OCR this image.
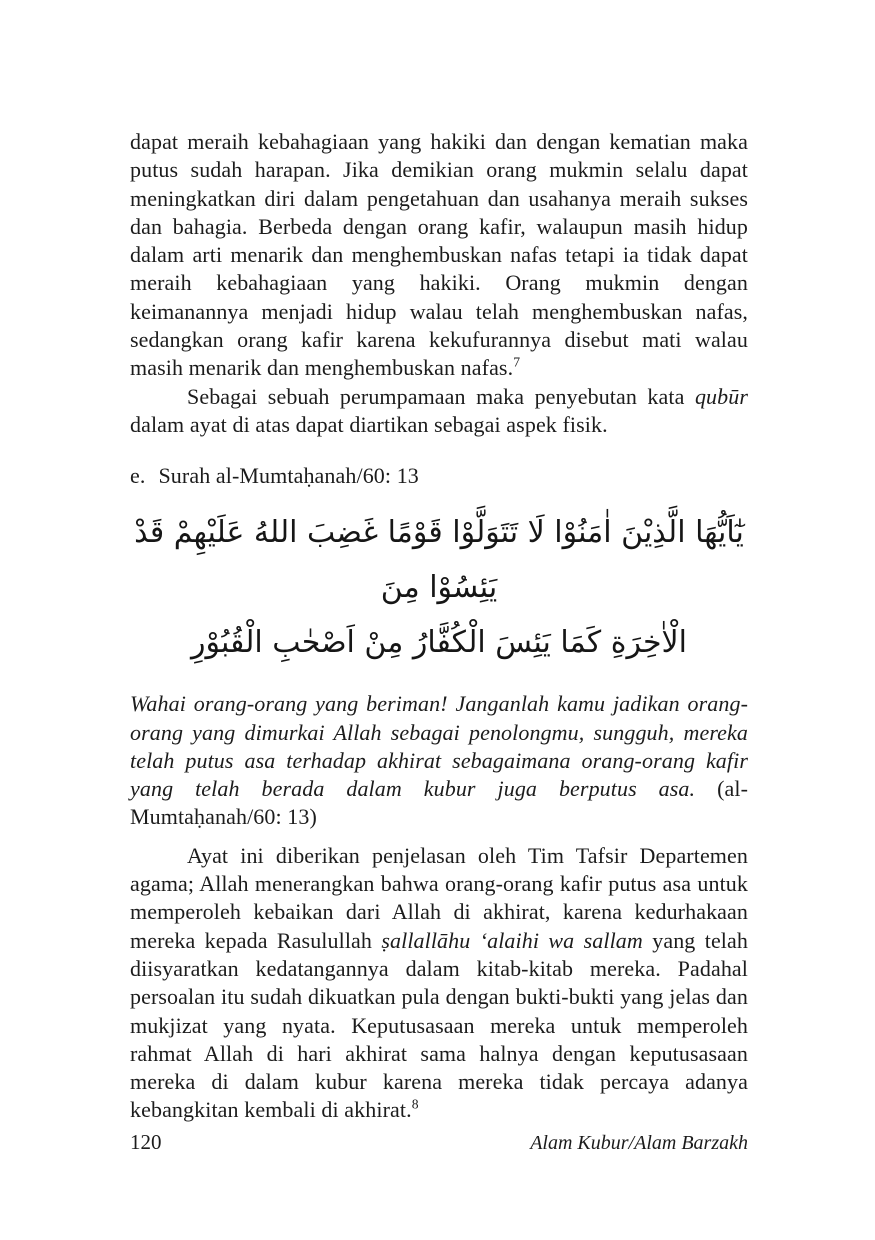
dapat meraih kebahagiaan yang hakiki dan dengan kematian maka putus sudah harapan. Jika demikian orang mukmin selalu dapat meningkatkan diri dalam pengetahuan dan usahanya meraih sukses dan bahagia. Berbeda dengan orang kafir, walaupun masih hidup dalam arti menarik dan menghembuskan nafas tetapi ia tidak dapat meraih kebahagiaan yang hakiki. Orang mukmin dengan keimanannya menjadi hidup walau telah menghembuskan nafas, sedangkan orang kafir karena kekufurannya disebut mati walau masih menarik dan menghembuskan nafas.$^7$

Sebagai sebuah perumpamaan maka penyebutan kata qubūr dalam ayat di atas dapat diartikan sebagai aspek fisik.

e. Surah al-Mumtaḥanah/60: 13
يٰٓاَيُّهَا الَّذِيْنَ اٰمَنُوْا لَا تَتَوَلَّوْا قَوْمًا غَضِبَ اللهُ عَلَيْهِمْ قَدْ يَئِسُوْا مِنَ
الْاٰخِرَةِ كَمَا يَئِسَ الْكُفَّارُ مِنْ اَصْحٰبِ الْقُبُوْرِ

Wahai orang-orang yang beriman! Janganlah kamu jadikan orang-orang yang dimurkai Allah sebagai penolongmu, sungguh, mereka telah putus asa terhadap akhirat sebagaimana orang-orang kafir yang telah berada dalam kubur juga berputus asa. (al-Mumtaḥanah/60: 13)

Ayat ini diberikan penjelasan oleh Tim Tafsir Departemen agama; Allah menerangkan bahwa orang-orang kafir putus asa untuk memperoleh kebaikan dari Allah di akhirat, karena kedurhakaan mereka kepada Rasulullah ṣallallāhu ‘alaihi wa sallam yang telah diisyaratkan kedatangannya dalam kitab-kitab mereka. Padahal persoalan itu sudah dikuatkan pula dengan bukti-bukti yang jelas dan mukjizat yang nyata. Keputusasaan mereka untuk memperoleh rahmat Allah di hari akhirat sama halnya dengan keputusasaan mereka di dalam kubur karena mereka tidak percaya adanya kebangkitan kembali di akhirat.$^8$

120	Alam Kubur/Alam Barzakh
